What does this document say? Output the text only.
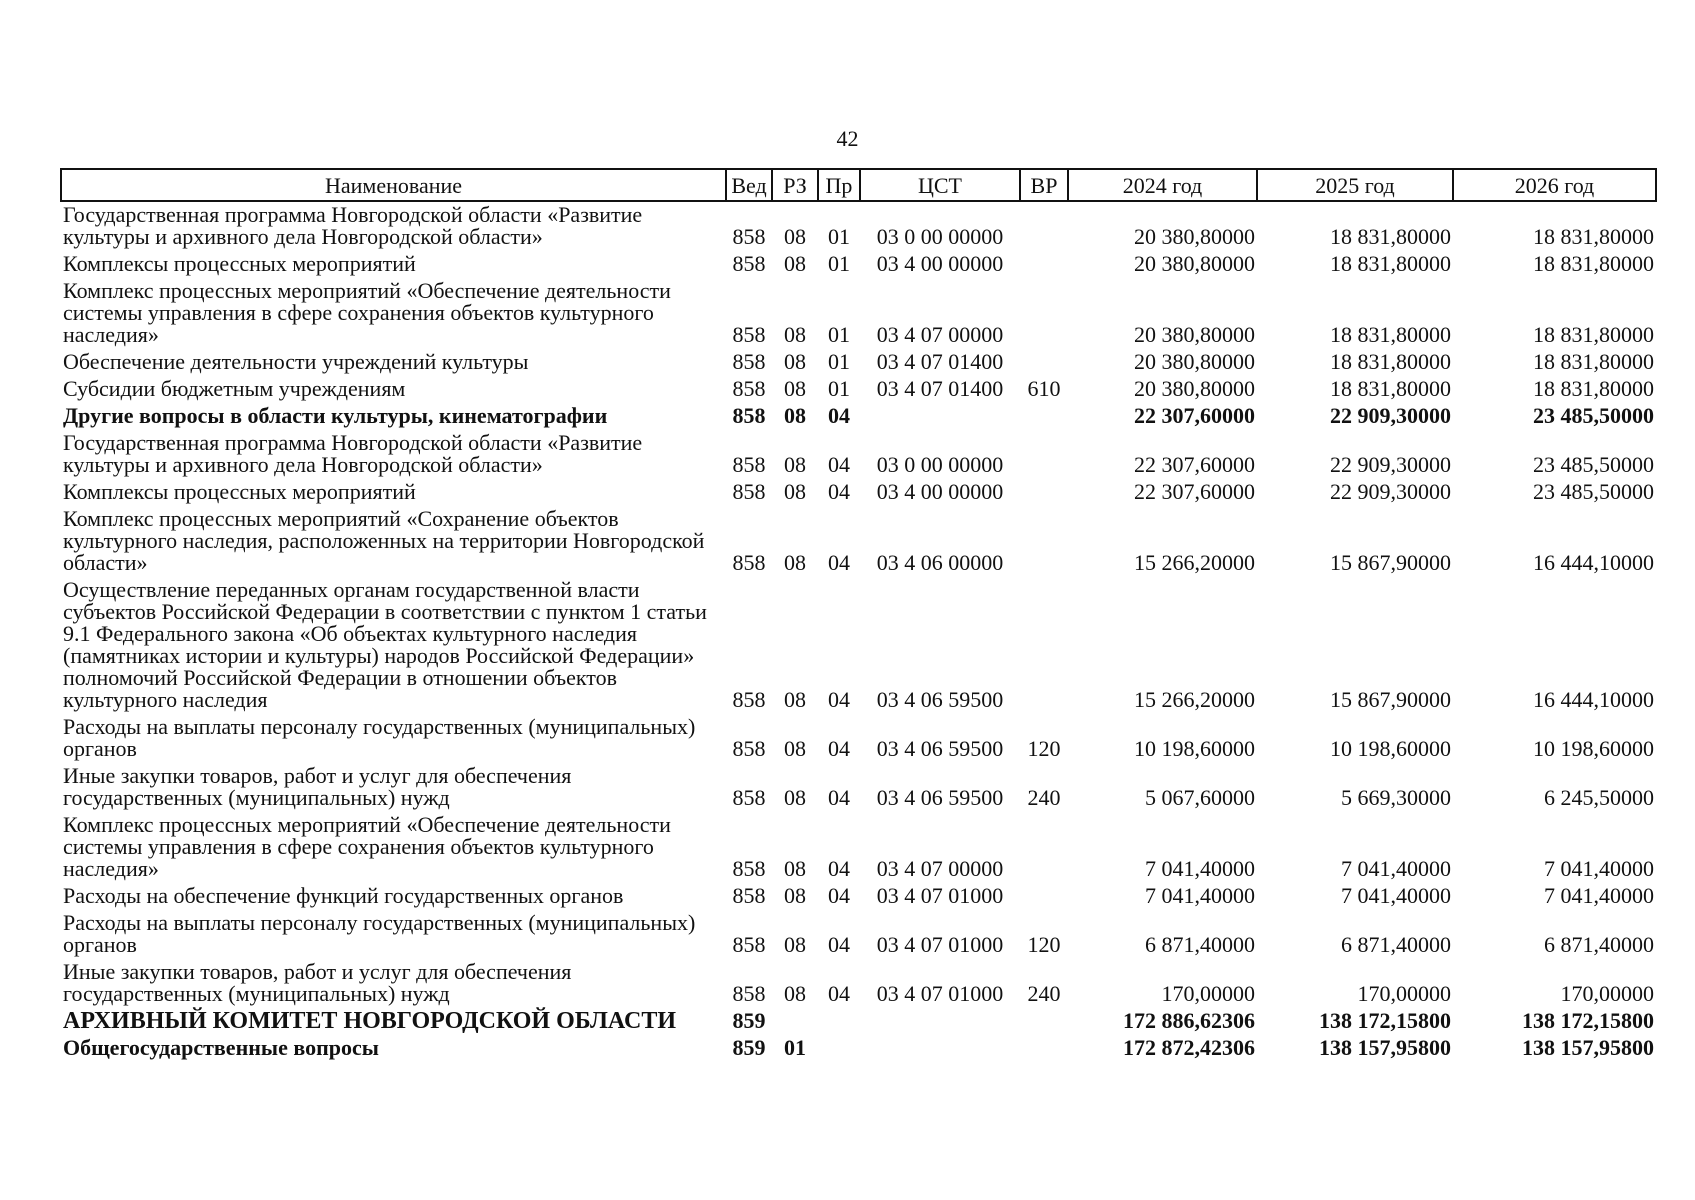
42
Наименование	Вед	РЗ	Пр	ЦСТ	ВР	2024 год	2025 год	2026 год
Государственная программа Новгородской области «Развитие культуры и архивного дела Новгородской области»	858	08	01	03 0 00 00000		20 380,80000	18 831,80000	18 831,80000
Комплексы процессных мероприятий	858	08	01	03 4 00 00000		20 380,80000	18 831,80000	18 831,80000
Комплекс процессных мероприятий «Обеспечение деятельности системы управления в сфере сохранения объектов культурного наследия»	858	08	01	03 4 07 00000		20 380,80000	18 831,80000	18 831,80000
Обеспечение деятельности учреждений культуры	858	08	01	03 4 07 01400		20 380,80000	18 831,80000	18 831,80000
Субсидии бюджетным учреждениям	858	08	01	03 4 07 01400	610	20 380,80000	18 831,80000	18 831,80000
Другие вопросы в области культуры, кинематографии	858	08	04			22 307,60000	22 909,30000	23 485,50000
Государственная программа Новгородской области «Развитие культуры и архивного дела Новгородской области»	858	08	04	03 0 00 00000		22 307,60000	22 909,30000	23 485,50000
Комплексы процессных мероприятий	858	08	04	03 4 00 00000		22 307,60000	22 909,30000	23 485,50000
Комплекс процессных мероприятий «Сохранение объектов культурного наследия, расположенных на территории Новгородской области»	858	08	04	03 4 06 00000		15 266,20000	15 867,90000	16 444,10000
Осуществление переданных органам государственной власти субъектов Российской Федерации в соответствии с пунктом 1 статьи 9.1 Федерального закона «Об объектах культурного наследия (памятниках истории и культуры) народов Российской Федерации» полномочий Российской Федерации в отношении объектов культурного наследия	858	08	04	03 4 06 59500		15 266,20000	15 867,90000	16 444,10000
Расходы на выплаты персоналу государственных (муниципальных) органов	858	08	04	03 4 06 59500	120	10 198,60000	10 198,60000	10 198,60000
Иные закупки товаров, работ и услуг для обеспечения государственных (муниципальных) нужд	858	08	04	03 4 06 59500	240	5 067,60000	5 669,30000	6 245,50000
Комплекс процессных мероприятий «Обеспечение деятельности системы управления в сфере сохранения объектов культурного наследия»	858	08	04	03 4 07 00000		7 041,40000	7 041,40000	7 041,40000
Расходы на обеспечение функций государственных органов	858	08	04	03 4 07 01000		7 041,40000	7 041,40000	7 041,40000
Расходы на выплаты персоналу государственных (муниципальных) органов	858	08	04	03 4 07 01000	120	6 871,40000	6 871,40000	6 871,40000
Иные закупки товаров, работ и услуг для обеспечения государственных (муниципальных) нужд	858	08	04	03 4 07 01000	240	170,00000	170,00000	170,00000
АРХИВНЫЙ КОМИТЕТ НОВГОРОДСКОЙ ОБЛАСТИ	859					172 886,62306	138 172,15800	138 172,15800
Общегосударственные вопросы	859	01				172 872,42306	138 157,95800	138 157,95800
